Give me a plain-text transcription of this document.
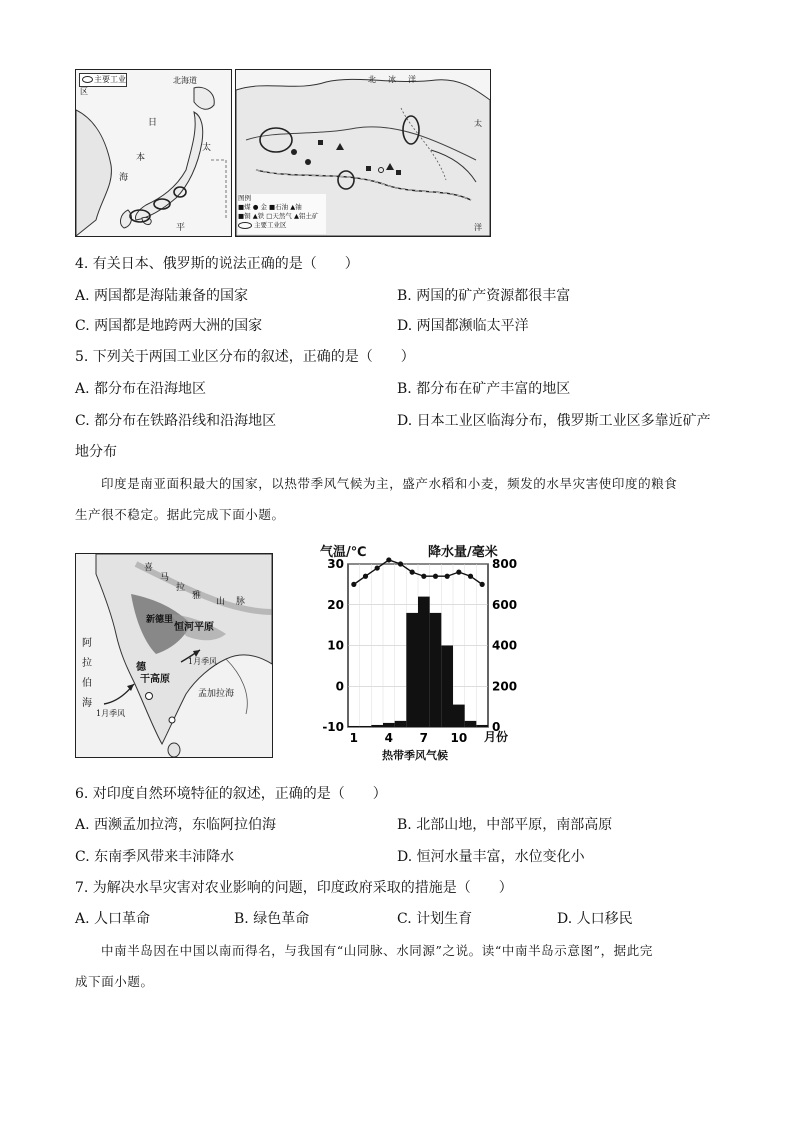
主要工业区
北海道
日
本
海
太
平
北 冰 洋
太
洋
图例
■煤 ● 金 ■石油 ▲铀
■铜 ▲铁 □天然气 ▲铝土矿
主要工业区
4. 有关日本、俄罗斯的说法正确的是（　　）
A. 两国都是海陆兼备的国家	B. 两国的矿产资源都很丰富
C. 两国都是地跨两大洲的国家	D. 两国都濒临太平洋
5. 下列关于两国工业区分布的叙述，正确的是（　　）
A. 都分布在沿海地区	B. 都分布在矿产丰富的地区
C. 都分布在铁路沿线和沿海地区	D. 日本工业区临海分布，俄罗斯工业区多靠近矿产
地分布
印度是南亚面积最大的国家，以热带季风气候为主，盛产水稻和小麦，频发的水旱灾害使印度的粮食
生产很不稳定。据此完成下面小题。
喜
马
拉
雅
山 脉
新德里
恒河平原
阿
拉
伯
海
德
干高原
1月季风
孟加拉海
1月季风
气温/℃	降水量/毫米
30
20
10
0
-10
800
600
400
200
0
1 4 7 10 月份
热带季风气候
6. 对印度自然环境特征的叙述，正确的是（　　）
A. 西濒孟加拉湾，东临阿拉伯海	B. 北部山地，中部平原，南部高原
C. 东南季风带来丰沛降水	D. 恒河水量丰富，水位变化小
7. 为解决水旱灾害对农业影响的问题，印度政府采取的措施是（　　）
A. 人口革命	B. 绿色革命	C. 计划生育	D. 人口移民
中南半岛因在中国以南而得名，与我国有“山同脉、水同源”之说。读“中南半岛示意图”，据此完
成下面小题。
